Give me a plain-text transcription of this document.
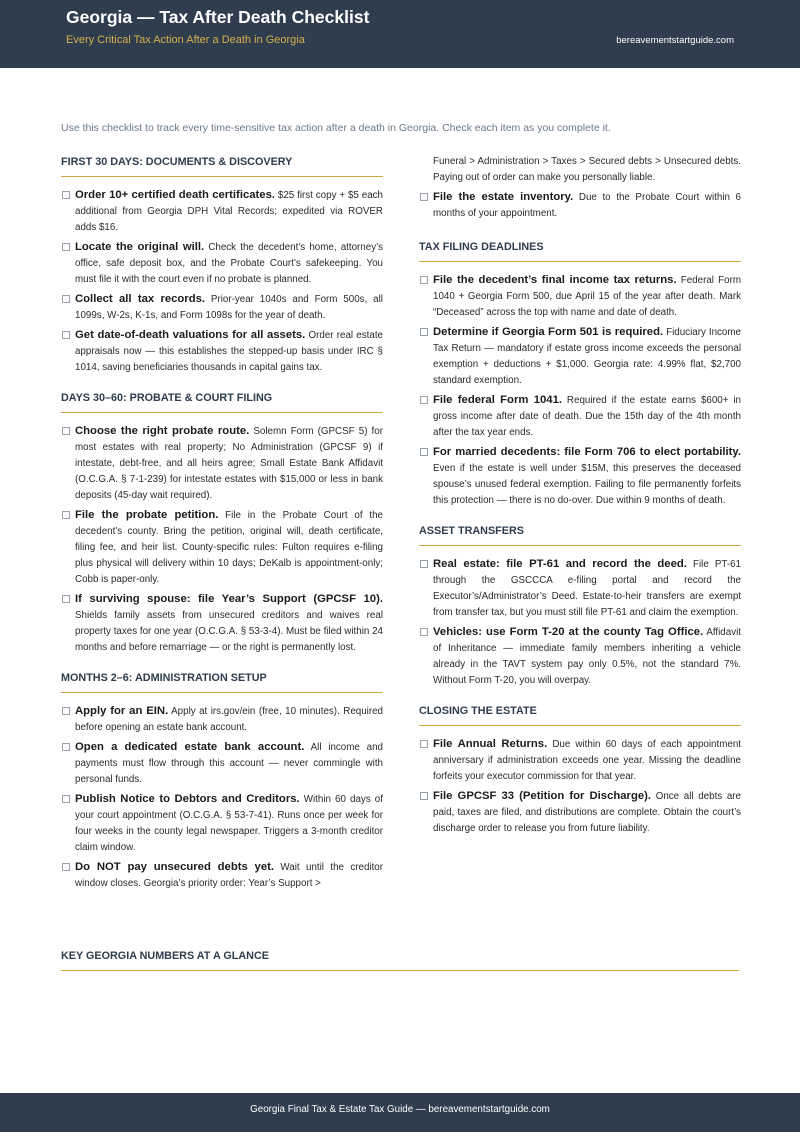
Georgia — Tax After Death Checklist
Every Critical Tax Action After a Death in Georgia	bereavementstartguide.com
Use this checklist to track every time-sensitive tax action after a death in Georgia. Check each item as you complete it.
FIRST 30 DAYS: DOCUMENTS & DISCOVERY
Order 10+ certified death certificates. $25 first copy + $5 each additional from Georgia DPH Vital Records; expedited via ROVER adds $16.
Locate the original will. Check the decedent’s home, attorney’s office, safe deposit box, and the Probate Court’s safekeeping. You must file it with the court even if no probate is planned.
Collect all tax records. Prior-year 1040s and Form 500s, all 1099s, W-2s, K-1s, and Form 1098s for the year of death.
Get date-of-death valuations for all assets. Order real estate appraisals now — this establishes the stepped-up basis under IRC § 1014, saving beneficiaries thousands in capital gains tax.
DAYS 30–60: PROBATE & COURT FILING
Choose the right probate route. Solemn Form (GPCSF 5) for most estates with real property; No Administration (GPCSF 9) if intestate, debt-free, and all heirs agree; Small Estate Bank Affidavit (O.C.G.A. § 7-1-239) for intestate estates with $15,000 or less in bank deposits (45-day wait required).
File the probate petition. File in the Probate Court of the decedent’s county. Bring the petition, original will, death certificate, filing fee, and heir list. County-specific rules: Fulton requires e-filing plus physical will delivery within 10 days; DeKalb is appointment-only; Cobb is paper-only.
If surviving spouse: file Year’s Support (GPCSF 10). Shields family assets from unsecured creditors and waives real property taxes for one year (O.C.G.A. § 53-3-4). Must be filed within 24 months and before remarriage — or the right is permanently lost.
MONTHS 2–6: ADMINISTRATION SETUP
Apply for an EIN. Apply at irs.gov/ein (free, 10 minutes). Required before opening an estate bank account.
Open a dedicated estate bank account. All income and payments must flow through this account — never commingle with personal funds.
Publish Notice to Debtors and Creditors. Within 60 days of your court appointment (O.C.G.A. § 53-7-41). Runs once per week for four weeks in the county legal newspaper. Triggers a 3-month creditor claim window.
Do NOT pay unsecured debts yet. Wait until the creditor window closes. Georgia’s priority order: Year’s Support >
Funeral > Administration > Taxes > Secured debts > Unsecured debts. Paying out of order can make you personally liable.
File the estate inventory. Due to the Probate Court within 6 months of your appointment.
TAX FILING DEADLINES
File the decedent’s final income tax returns. Federal Form 1040 + Georgia Form 500, due April 15 of the year after death. Mark “Deceased” across the top with name and date of death.
Determine if Georgia Form 501 is required. Fiduciary Income Tax Return — mandatory if estate gross income exceeds the personal exemption + deductions + $1,000. Georgia rate: 4.99% flat, $2,700 standard exemption.
File federal Form 1041. Required if the estate earns $600+ in gross income after date of death. Due the 15th day of the 4th month after the tax year ends.
For married decedents: file Form 706 to elect portability. Even if the estate is well under $15M, this preserves the deceased spouse’s unused federal exemption. Failing to file permanently forfeits this protection — there is no do-over. Due within 9 months of death.
ASSET TRANSFERS
Real estate: file PT-61 and record the deed. File PT-61 through the GSCCCA e-filing portal and record the Executor’s/Administrator’s Deed. Estate-to-heir transfers are exempt from transfer tax, but you must still file PT-61 and claim the exemption.
Vehicles: use Form T-20 at the county Tag Office. Affidavit of Inheritance — immediate family members inheriting a vehicle already in the TAVT system pay only 0.5%, not the standard 7%. Without Form T-20, you will overpay.
CLOSING THE ESTATE
File Annual Returns. Due within 60 days of each appointment anniversary if administration exceeds one year. Missing the deadline forfeits your executor commission for that year.
File GPCSF 33 (Petition for Discharge). Once all debts are paid, taxes are filed, and distributions are complete. Obtain the court’s discharge order to release you from future liability.
KEY GEORGIA NUMBERS AT A GLANCE
Georgia Final Tax & Estate Tax Guide — bereavementstartguide.com
